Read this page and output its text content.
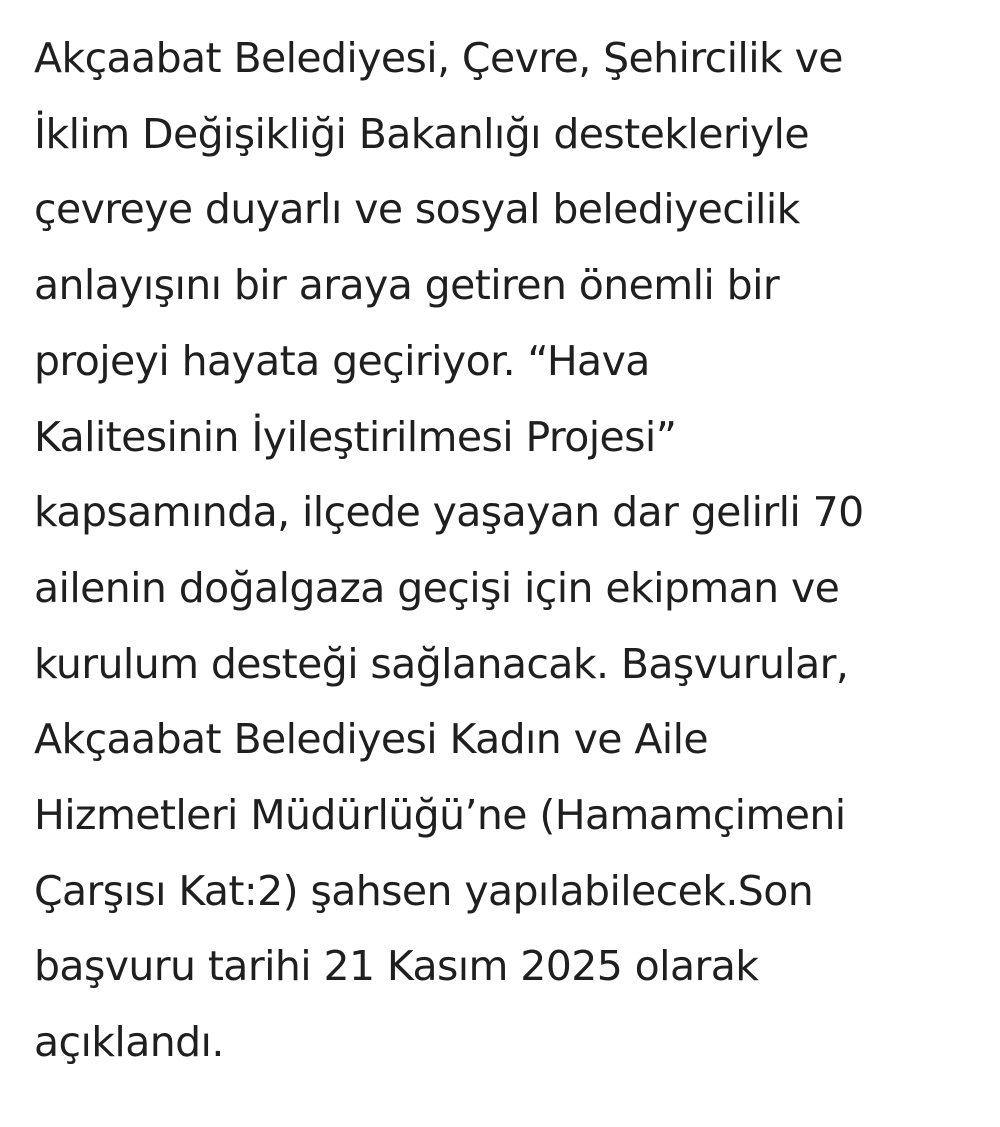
Akçaabat Belediyesi, Çevre, Şehircilik ve
İklim Değişikliği Bakanlığı destekleriyle
çevreye duyarlı ve sosyal belediyecilik
anlayışını bir araya getiren önemli bir
projeyi hayata geçiriyor. “Hava
Kalitesinin İyileştirilmesi Projesi”
kapsamında, ilçede yaşayan dar gelirli 70
ailenin doğalgaza geçişi için ekipman ve
kurulum desteği sağlanacak. Başvurular,
Akçaabat Belediyesi Kadın ve Aile
Hizmetleri Müdürlüğü’ne (Hamamçimeni
Çarşısı Kat:2) şahsen yapılabilecek.Son
başvuru tarihi 21 Kasım 2025 olarak
açıklandı.
